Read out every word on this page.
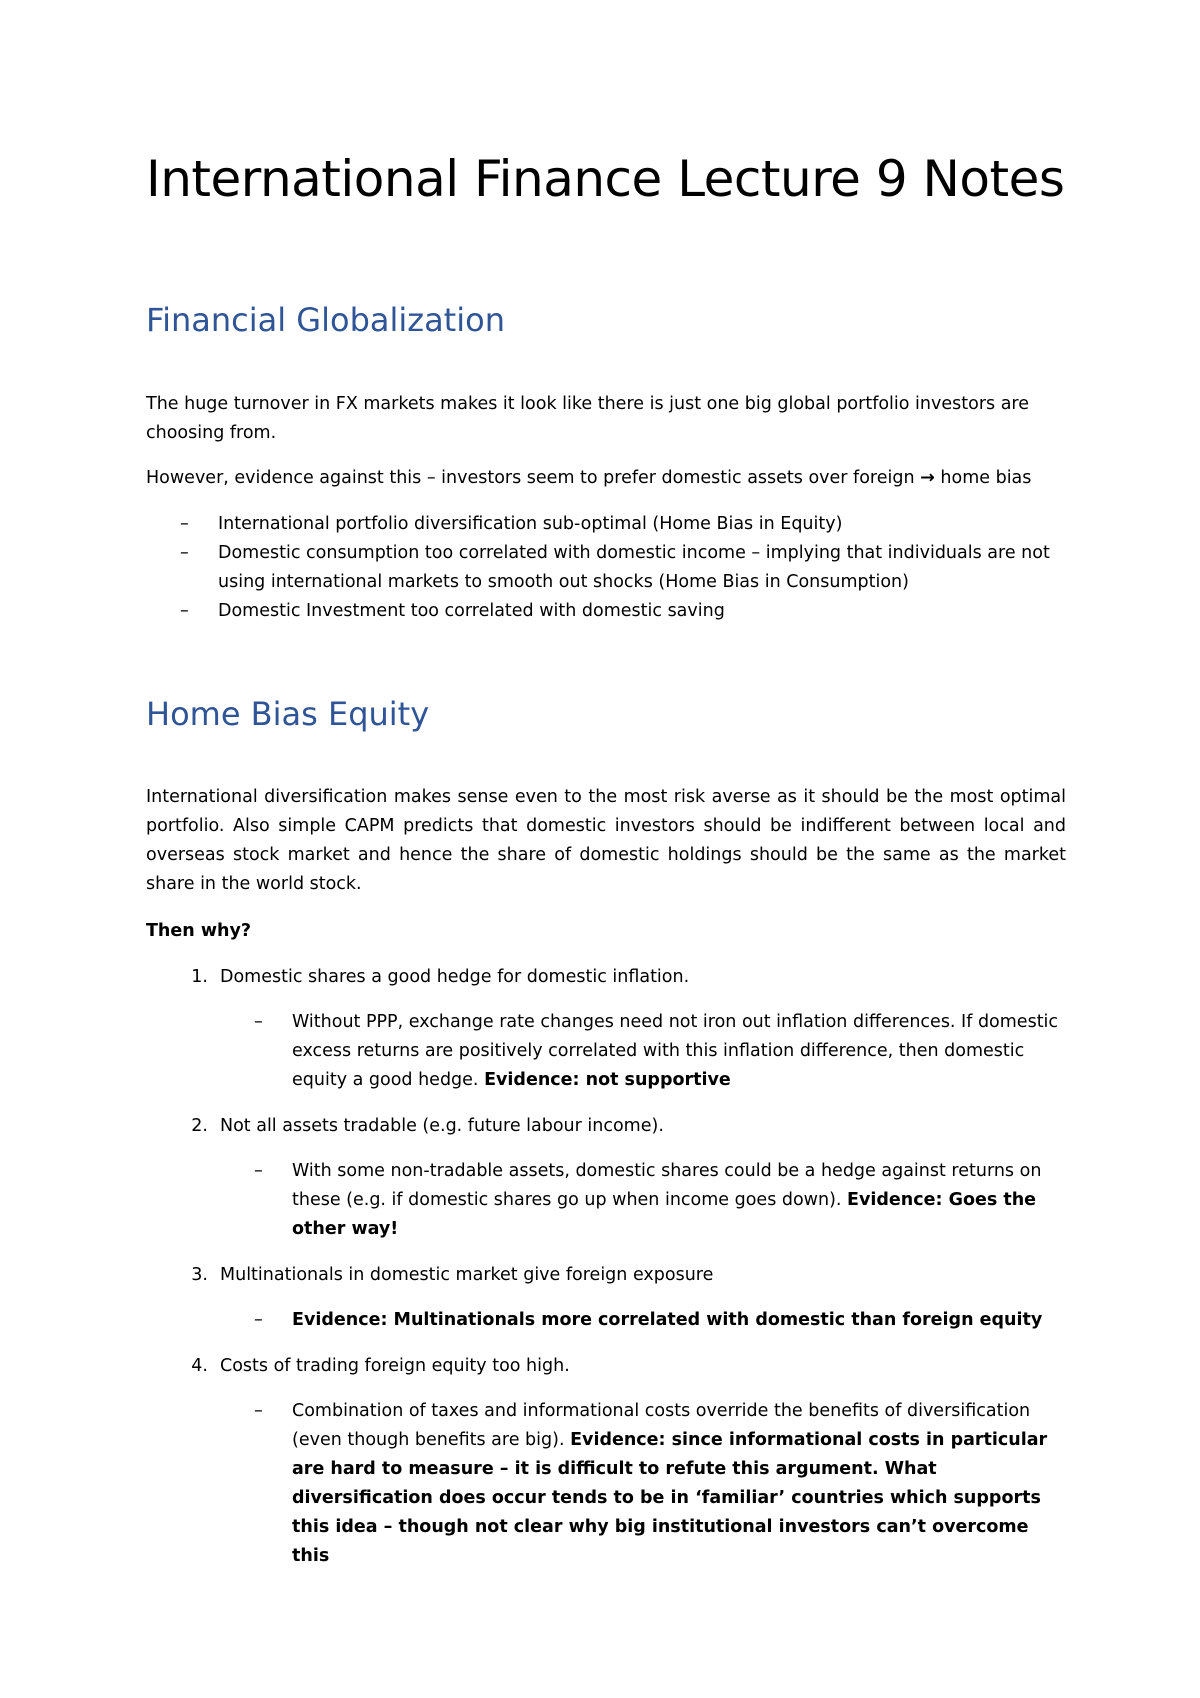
International Finance Lecture 9 Notes
Financial Globalization

The huge turnover in FX markets makes it look like there is just one big global portfolio investors are choosing from.

However, evidence against this – investors seem to prefer domestic assets over foreign → home bias

– International portfolio diversification sub-optimal (Home Bias in Equity)
– Domestic consumption too correlated with domestic income – implying that individuals are not using international markets to smooth out shocks (Home Bias in Consumption)
– Domestic Investment too correlated with domestic saving
Home Bias Equity

International diversification makes sense even to the most risk averse as it should be the most optimal portfolio. Also simple CAPM predicts that domestic investors should be indifferent between local and overseas stock market and hence the share of domestic holdings should be the same as the market share in the world stock.

Then why?

1. Domestic shares a good hedge for domestic inflation.
– Without PPP, exchange rate changes need not iron out inflation differences. If domestic excess returns are positively correlated with this inflation difference, then domestic equity a good hedge. Evidence: not supportive
2. Not all assets tradable (e.g. future labour income).
– With some non-tradable assets, domestic shares could be a hedge against returns on these (e.g. if domestic shares go up when income goes down). Evidence: Goes the other way!
3. Multinationals in domestic market give foreign exposure
– Evidence: Multinationals more correlated with domestic than foreign equity
4. Costs of trading foreign equity too high.
– Combination of taxes and informational costs override the benefits of diversification (even though benefits are big). Evidence: since informational costs in particular are hard to measure – it is difficult to refute this argument. What diversification does occur tends to be in ‘familiar’ countries which supports this idea – though not clear why big institutional investors can’t overcome this
